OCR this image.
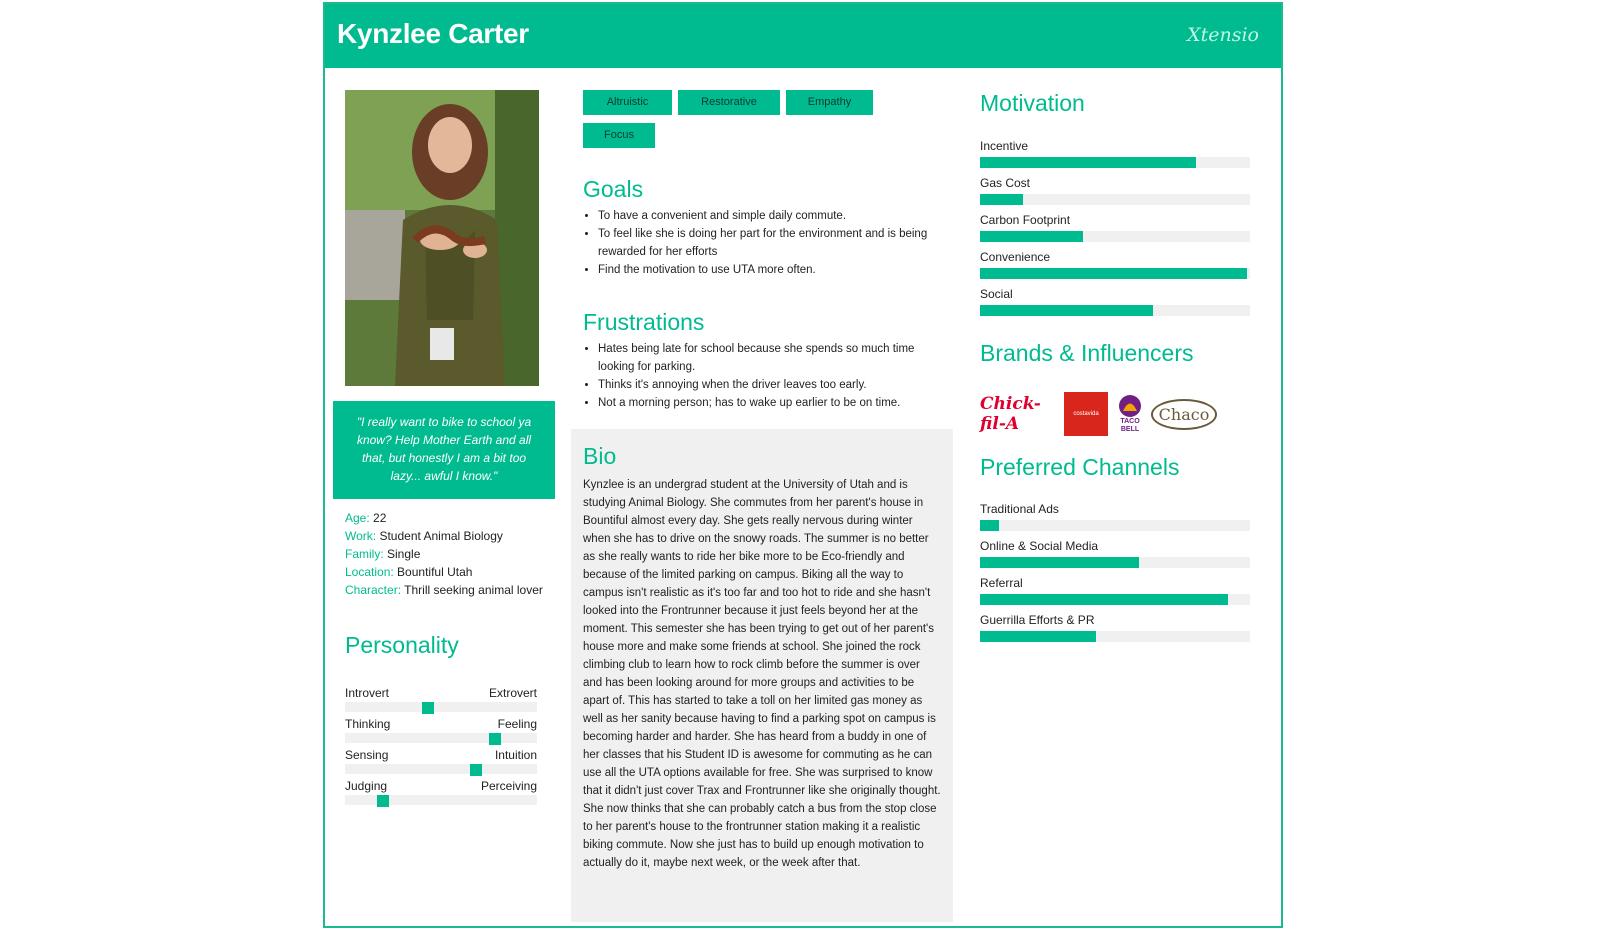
Kynzlee Carter	Xtensio
"I really want to bike to school ya know? Help Mother Earth and all that, but honestly I am a bit too lazy... awful I know."
Age: 22
Work: Student Animal Biology
Family: Single
Location: Bountiful Utah
Character: Thrill seeking animal lover
Personality
Introvert	Extrovert
Thinking	Feeling
Sensing	Intuition
Judging	Perceiving
Altruistic	Restorative	Empathy
Focus
Goals
• To have a convenient and simple daily commute.
• To feel like she is doing her part for the environment and is being rewarded for her efforts
• Find the motivation to use UTA more often.
Frustrations
• Hates being late for school because she spends so much time looking for parking.
• Thinks it's annoying when the driver leaves too early.
• Not a morning person; has to wake up earlier to be on time.
Bio
Kynzlee is an undergrad student at the University of Utah and is studying Animal Biology. She commutes from her parent's house in Bountiful almost every day. She gets really nervous during winter when she has to drive on the snowy roads. The summer is no better as she really wants to ride her bike more to be Eco-friendly and because of the limited parking on campus. Biking all the way to campus isn't realistic as it's too far and too hot to ride and she hasn't looked into the Frontrunner because it just feels beyond her at the moment. This semester she has been trying to get out of her parent's house more and make some friends at school. She joined the rock climbing club to learn how to rock climb before the summer is over and has been looking around for more groups and activities to be apart of. This has started to take a toll on her limited gas money as well as her sanity because having to find a parking spot on campus is becoming harder and harder. She has heard from a buddy in one of her classes that his Student ID is awesome for commuting as he can use all the UTA options available for free. She was surprised to know that it didn't just cover Trax and Frontrunner like she originally thought. She now thinks that she can probably catch a bus from the stop close to her parent's house to the frontrunner station making it a realistic biking commute. Now she just has to build up enough motivation to actually do it, maybe next week, or the week after that.
Motivation
Incentive
Gas Cost
Carbon Footprint
Convenience
Social
Brands & Influencers
Chick-fil-A	costavida
TACO BELL
Chaco
Preferred Channels
Traditional Ads
Online & Social Media
Referral
Guerrilla Efforts & PR
